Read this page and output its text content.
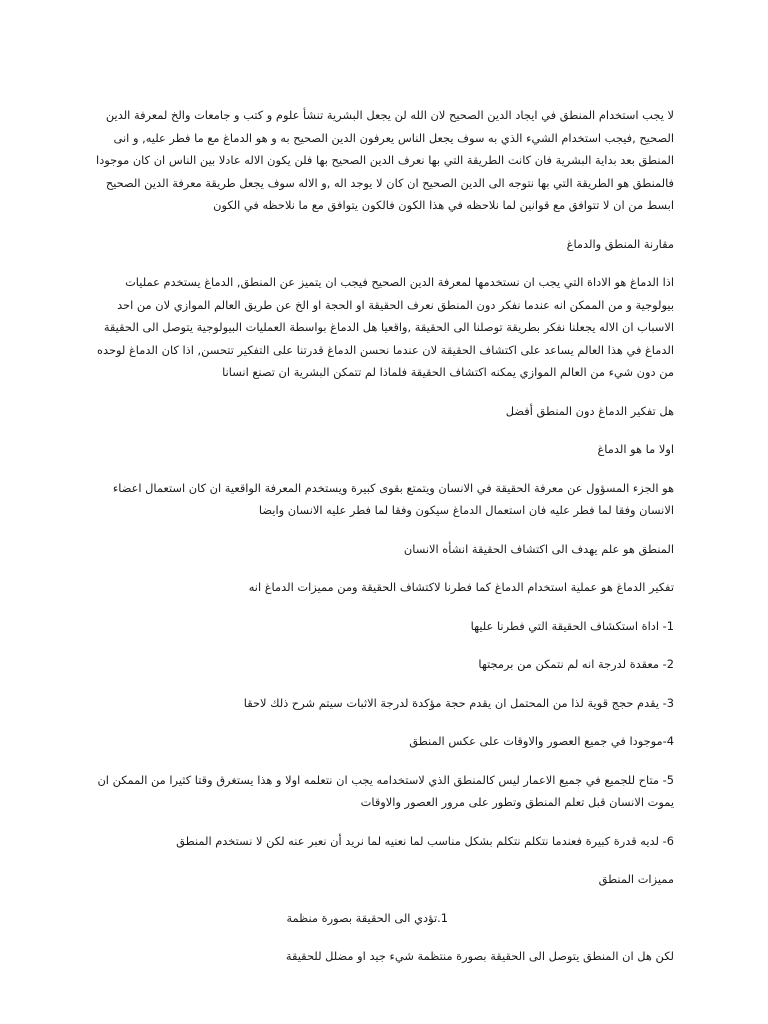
لا يجب استخدام المنطق في ايجاد الدين الصحيح لان الله لن يجعل البشرية تنشأ علوم و كتب و جامعات والخ لمعرفة الدين الصحيح ,فيجب استخدام الشيء الذي به سوف يجعل الناس يعرفون الدين الصحيح به و هو الدماغ مع ما فطر عليه, و انى المنطق بعد بداية البشرية فان كانت الطريقة التي بها نعرف الدين الصحيح بها فلن يكون الاله عادلا بين الناس ان كان موجودا فالمنطق هو الطريقة التي بها نتوجه الى الدين الصحيح ان كان لا يوجد اله ,و الاله سوف يجعل طريقة معرفة الدين الصحيح ابسط من ان لا تتوافق مع قوانين لما نلاحظه في هذا الكون فالكون يتوافق مع ما نلاحظه في الكون

مقارنة المنطق والدماغ

اذا الدماغ هو الاداة التي يجب ان نستخدمها لمعرفة الدين الصحيح فيجب ان يتميز عن المنطق, الدماغ يستخدم عمليات بيولوجية و من الممكن انه عندما نفكر دون المنطق نعرف الحقيقة او الحجة او الخ عن طريق العالم الموازي لان من احد الاسباب ان الاله يجعلنا نفكر بطريقة توصلنا الى الحقيقة ,واقعيا هل الدماغ بواسطة العمليات البيولوجية يتوصل الى الحقيقة الدماغ في هذا العالم يساعد على اكتشاف الحقيقة لان عندما نحسن الدماغ قدرتنا على التفكير تتحسن, اذا كان الدماغ لوحده من دون شيء من العالم الموازي يمكنه اكتشاف الحقيقة فلماذا لم تتمكن البشرية ان تصنع انسانا

هل تفكير الدماغ دون المنطق أفضل

اولا ما هو الدماغ

هو الجزء المسؤول عن معرفة الحقيقة في الانسان ويتمتع بقوى كبيرة ويستخدم المعرفة الواقعية ان كان استعمال اعضاء الانسان وفقا لما فطر عليه فان استعمال الدماغ سيكون وفقا لما فطر عليه الانسان وايضا

المنطق هو علم يهدف الى اكتشاف الحقيقة انشأه الانسان

تفكير الدماغ هو عملية استخدام الدماغ كما فطرنا لاكتشاف الحقيقة ومن مميزات الدماغ انه

1- اداة استكشاف الحقيقة التي فطرنا عليها

2- معقدة لدرجة انه لم نتمكن من برمجتها

3- يقدم حجج قوية لذا من المحتمل ان يقدم حجة مؤكدة لدرجة الاثبات سيتم شرح ذلك لاحقا

4-موجودا في جميع العصور والاوقات على عكس المنطق

5- متاح للجميع في جميع الاعمار ليس كالمنطق الذي لاستخدامه يجب ان نتعلمه اولا و هذا يستغرق وقتا كثيرا من الممكن ان يموت الانسان قبل تعلم المنطق وتطور على مرور العصور والاوقات

6- لديه قدرة كبيرة فعندما نتكلم نتكلم بشكل مناسب لما نعنيه لما نريد أن نعبر عنه لكن لا نستخدم المنطق

مميزات المنطق

1.
تؤدي الى الحقيقة بصورة منظمة

لكن هل ان المنطق يتوصل الى الحقيقة بصورة منتظمة شيء جيد او مضلل للحقيقة
